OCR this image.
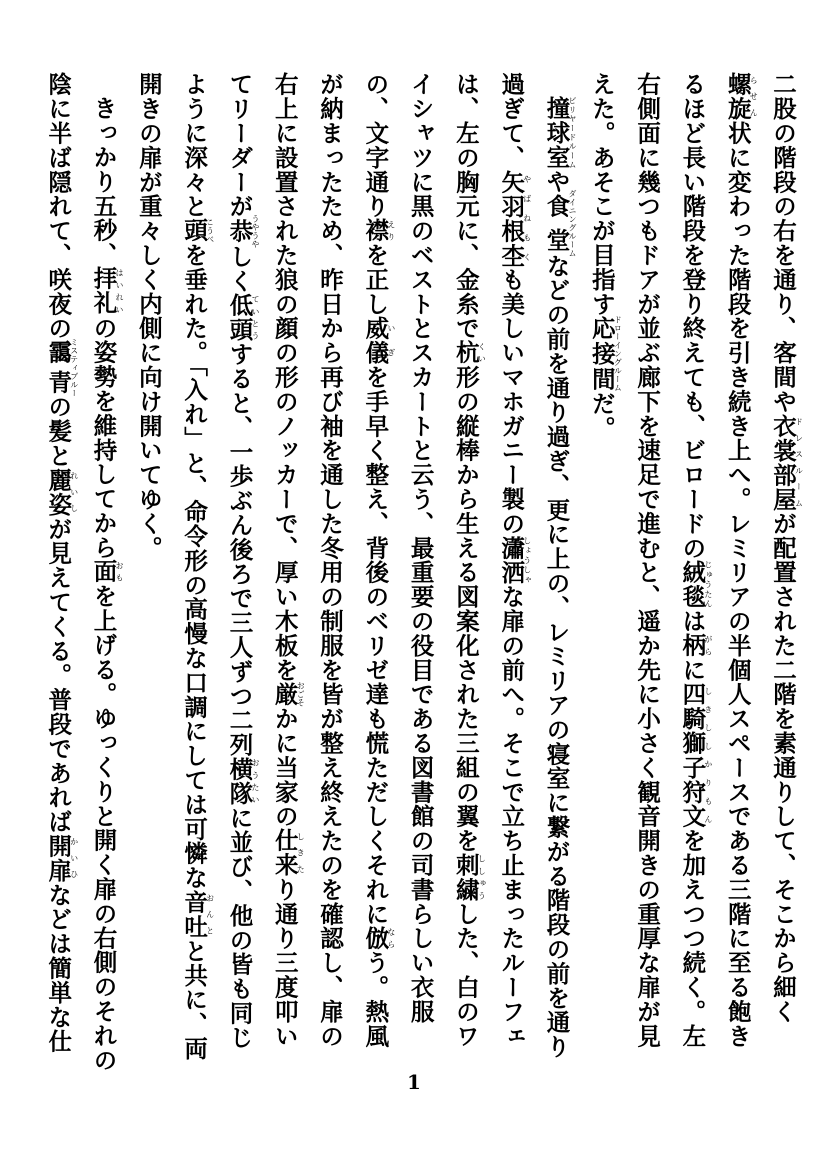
二股の階段の右を通り、客間や衣裳部屋ドレスルームが配置された二階を素通りして、そこから細く螺旋らせん状に変わった階段を引き続き上へ。レミリアの半個人スペースである三階に至る飽きるほど長い階段を登り終えても、ビロードの絨毯じゅうたんは柄がらに四騎獅子狩文しきししかりもんを加えつつ続く。左右側面に幾つもドアが並ぶ廊下を速足で進むと、遥か先に小さく観音開きの重厚な扉が見えた。あそこが目指す応接間ドローイングルームだ。

撞球室ビリヤードルームや食堂ダイニングルームなどの前を通り過ぎ、更に上の、レミリアの寝室に繋がる階段の前を通り過ぎて、矢羽根杢やばねもくも美しいマホガニー製の瀟洒しょうしゃな扉の前へ。そこで立ち止まったルーフェは、左の胸元に、金糸で杭くい形の縦棒から生える図案化された三組の翼を刺繍ししゅうした、白のワイシャツに黒のベストとスカートと云う、最重要の役目である図書館の司書らしい衣服の、文字通り襟えりを正し威儀いぎを手早く整え、背後のベリゼ達も慌ただしくそれに倣ならう。熱風が納まったため、昨日から再び袖を通した冬用の制服を皆が整え終えたのを確認し、扉の右上に設置された狼の顔の形のノッカーで、厚い木板を厳おごそかに当家の仕来しきたり通り三度叩いてリーダーが恭うやうやしく低頭ていとうすると、一歩ぶん後ろで三人ずつ二列横隊おうたいに並び、他の皆も同じように深々と頭こうべを垂れた。「入れ」と、命令形の高慢な口調にしては可憐な音吐おんとと共に、両開きの扉が重々しく内側に向け開いてゆく。

きっかり五秒、拝礼はいれいの姿勢を維持してから面おもを上げる。ゆっくりと開く扉の右側のそれの陰に半ば隠れて、咲夜の靄青ミスティブルーの髪と麗姿れいしが見えてくる。普段であれば開扉かいひなどは簡単な仕

1
